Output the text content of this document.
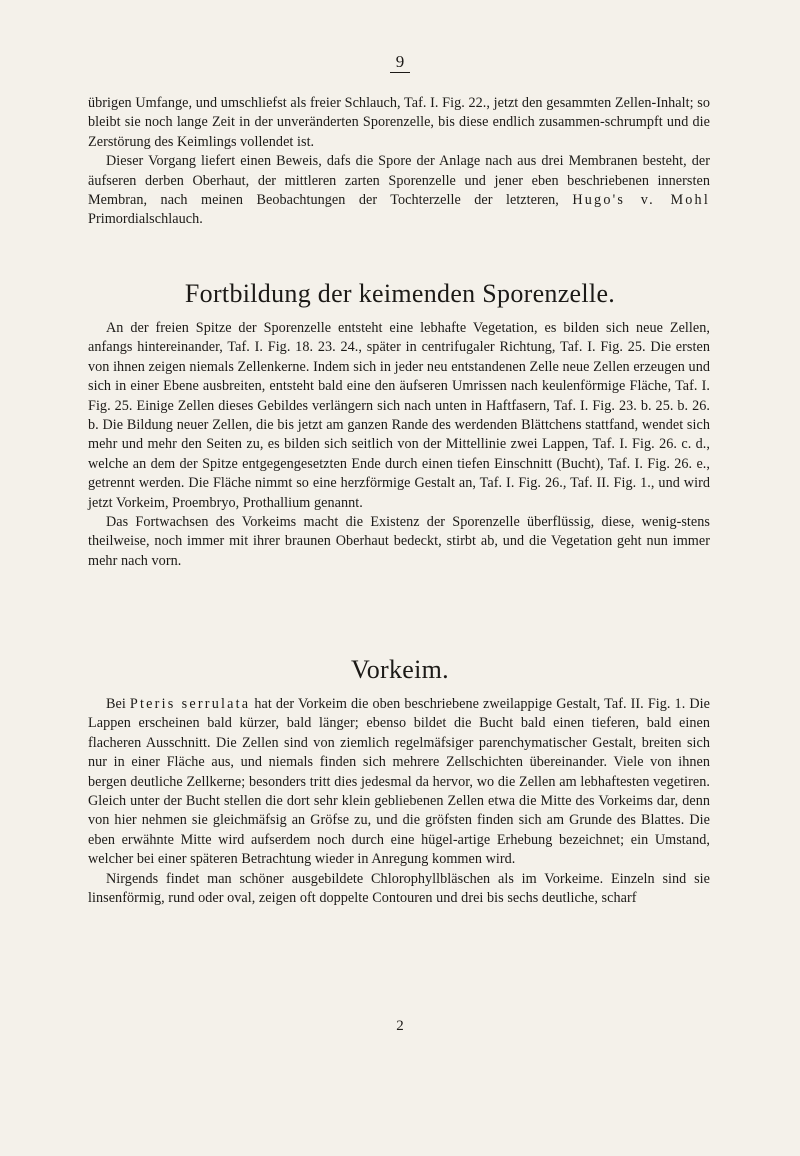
9

übrigen Umfange, und umschliefst als freier Schlauch, Taf. I. Fig. 22., jetzt den gesammten Zellen-Inhalt; so bleibt sie noch lange Zeit in der unveränderten Sporenzelle, bis diese endlich zusammen-schrumpft und die Zerstörung des Keimlings vollendet ist.

Dieser Vorgang liefert einen Beweis, dafs die Spore der Anlage nach aus drei Membranen besteht, der äufseren derben Oberhaut, der mittleren zarten Sporenzelle und jener eben beschriebenen innersten Membran, nach meinen Beobachtungen der Tochterzelle der letzteren, Hugo's v. Mohl Primordialschlauch.

Fortbildung der keimenden Sporenzelle.

An der freien Spitze der Sporenzelle entsteht eine lebhafte Vegetation, es bilden sich neue Zellen, anfangs hintereinander, Taf. I. Fig. 18. 23. 24., später in centrifugaler Richtung, Taf. I. Fig. 25. Die ersten von ihnen zeigen niemals Zellenkerne. Indem sich in jeder neu entstandenen Zelle neue Zellen erzeugen und sich in einer Ebene ausbreiten, entsteht bald eine den äufseren Umrissen nach keulenförmige Fläche, Taf. I. Fig. 25. Einige Zellen dieses Gebildes verlängern sich nach unten in Haftfasern, Taf. I. Fig. 23. b. 25. b. 26. b. Die Bildung neuer Zellen, die bis jetzt am ganzen Rande des werdenden Blättchens stattfand, wendet sich mehr und mehr den Seiten zu, es bilden sich seitlich von der Mittellinie zwei Lappen, Taf. I. Fig. 26. c. d., welche an dem der Spitze entgegengesetzten Ende durch einen tiefen Einschnitt (Bucht), Taf. I. Fig. 26. e., getrennt werden. Die Fläche nimmt so eine herzförmige Gestalt an, Taf. I. Fig. 26., Taf. II. Fig. 1., und wird jetzt Vorkeim, Proembryo, Prothallium genannt.

Das Fortwachsen des Vorkeims macht die Existenz der Sporenzelle überflüssig, diese, wenig-stens theilweise, noch immer mit ihrer braunen Oberhaut bedeckt, stirbt ab, und die Vegetation geht nun immer mehr nach vorn.

Vorkeim.

Bei Pteris serrulata hat der Vorkeim die oben beschriebene zweilappige Gestalt, Taf. II. Fig. 1. Die Lappen erscheinen bald kürzer, bald länger; ebenso bildet die Bucht bald einen tieferen, bald einen flacheren Ausschnitt. Die Zellen sind von ziemlich regelmäfsiger parenchymatischer Gestalt, breiten sich nur in einer Fläche aus, und niemals finden sich mehrere Zellschichten übereinander. Viele von ihnen bergen deutliche Zellkerne; besonders tritt dies jedesmal da hervor, wo die Zellen am lebhaftesten vegetiren. Gleich unter der Bucht stellen die dort sehr klein gebliebenen Zellen etwa die Mitte des Vorkeims dar, denn von hier nehmen sie gleichmäfsig an Gröfse zu, und die gröfsten finden sich am Grunde des Blattes. Die eben erwähnte Mitte wird aufserdem noch durch eine hügel-artige Erhebung bezeichnet; ein Umstand, welcher bei einer späteren Betrachtung wieder in Anregung kommen wird.

Nirgends findet man schöner ausgebildete Chlorophyllbläschen als im Vorkeime. Einzeln sind sie linsenförmig, rund oder oval, zeigen oft doppelte Contouren und drei bis sechs deutliche, scharf

2
